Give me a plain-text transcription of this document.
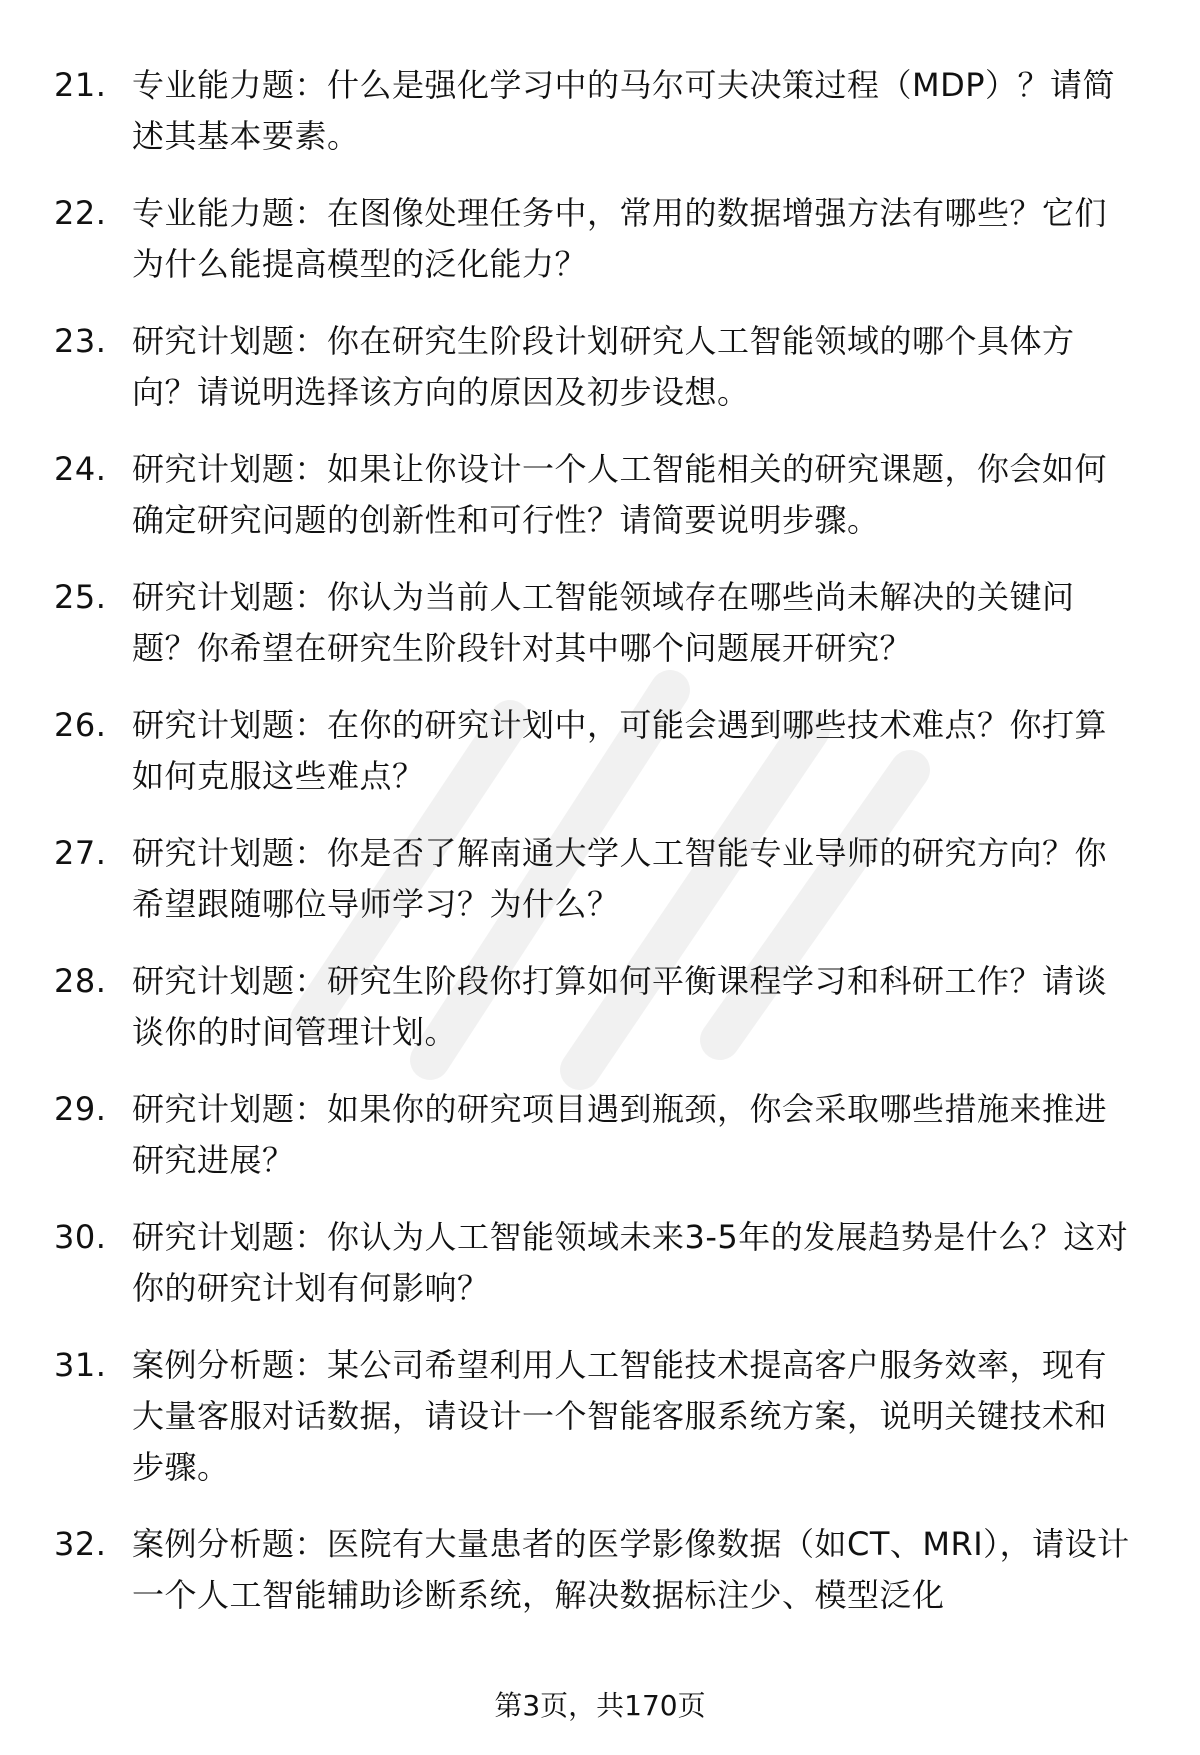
21. 专业能力题：什么是强化学习中的马尔可夫决策过程（MDP）？请简述其基本要素。
22. 专业能力题：在图像处理任务中，常用的数据增强方法有哪些？它们为什么能提高模型的泛化能力？
23. 研究计划题：你在研究生阶段计划研究人工智能领域的哪个具体方向？请说明选择该方向的原因及初步设想。
24. 研究计划题：如果让你设计一个人工智能相关的研究课题，你会如何确定研究问题的创新性和可行性？请简要说明步骤。
25. 研究计划题：你认为当前人工智能领域存在哪些尚未解决的关键问题？你希望在研究生阶段针对其中哪个问题展开研究？
26. 研究计划题：在你的研究计划中，可能会遇到哪些技术难点？你打算如何克服这些难点？
27. 研究计划题：你是否了解南通大学人工智能专业导师的研究方向？你希望跟随哪位导师学习？为什么？
28. 研究计划题：研究生阶段你打算如何平衡课程学习和科研工作？请谈谈你的时间管理计划。
29. 研究计划题：如果你的研究项目遇到瓶颈，你会采取哪些措施来推进研究进展？
30. 研究计划题：你认为人工智能领域未来3-5年的发展趋势是什么？这对你的研究计划有何影响？
31. 案例分析题：某公司希望利用人工智能技术提高客户服务效率，现有大量客服对话数据，请设计一个智能客服系统方案，说明关键技术和步骤。
32. 案例分析题：医院有大量患者的医学影像数据（如CT、MRI），请设计一个人工智能辅助诊断系统，解决数据标注少、模型泛化
第3页，共170页
